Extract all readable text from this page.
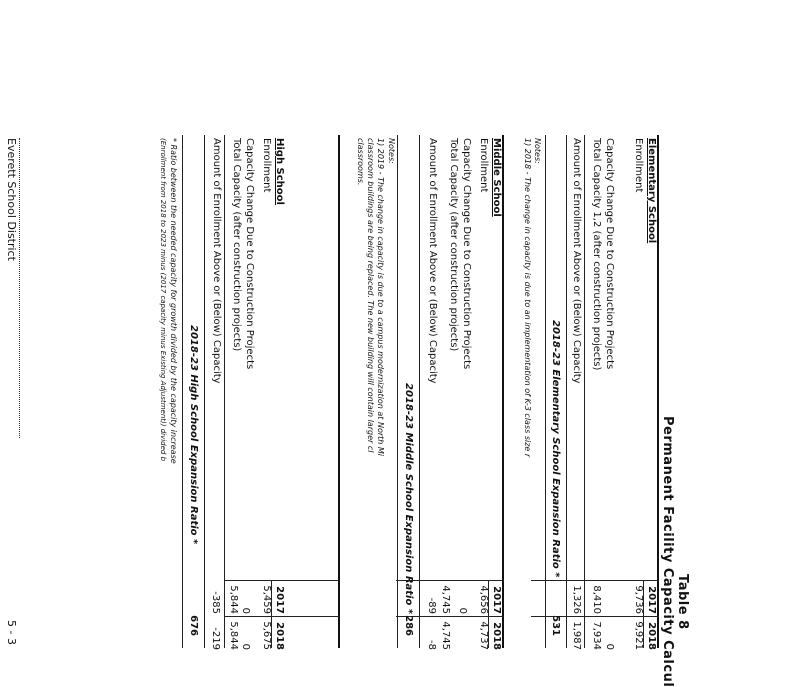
Table 8
Permanent Facility Capacity Calcul
Elementary School
2017
2018
Enrollment
9,736
9,921
Capacity Change Due to Construction Projects
0
Total Capacity 1,2 (after construction projects)
8,410
7,934
Amount of Enrollment Above or (Below) Capacity
1,326
1,987
2018-23 Elementary School Expansion Ratio *
531
Notes:
1) 2018 - The change in capacity is due to an implementation of K-3 class size r
Middle School
2017
2018
Enrollment
4,656
4,737
Capacity Change Due to Construction Projects
0
Total Capacity (after construction projects)
4,745
4,745
Amount of Enrollment Above or (Below) Capacity
-89
-8
2018-23 Middle School Expansion Ratio *
286
Notes:
1) 2019 - The change in capacity is due to a campus modernization at North Mi
classroom buildings are being replaced. The new building will contain larger cl
classrooms.
High School
2017
2018
Enrollment
5,459
5,675
Capacity Change Due to Construction Projects
0
0
Total Capacity (after construction projects)
5,844
5,844
Amount of Enrollment Above or (Below) Capacity
-385
-219
2018-23 High School Expansion Ratio *
676
* Ratio between the needed capacity for growth divided by the capacity increase
(Enrollment from 2018 to 2023 minus (2017 capacity minus Existing Adjustment)) divided b
Everett School District
5 - 3
